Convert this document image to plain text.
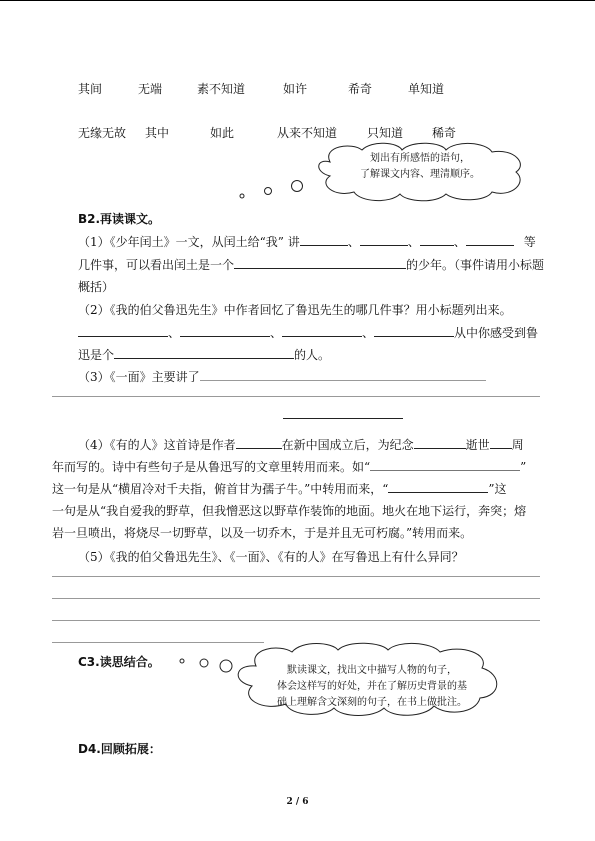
其间	无端	素不知道	如许	希奇	单知道
无缘无故 其中	如此	从来不知道 只知道 稀奇
划出有所感悟的语句，
了解课文内容、理清顺序。
B2.再读课文。
（1）《少年闰土》一文，从闰土给“我” 讲	、	、	、	等
几件事，可以看出闰土是一个	的少年。（事件请用小标题
概括）
（2）《我的伯父鲁迅先生》中作者回忆了鲁迅先生的哪几件事？用小标题列出来。
、	、	、	从中你感受到鲁
迅是个	的人。
（3）《一面》主要讲了
（4）《有的人》这首诗是作者	在新中国成立后，为纪念	逝世 周
年而写的。诗中有些句子是从鲁迅写的文章里转用而来。如“	”
这一句是从“横眉冷对千夫指，俯首甘为孺子牛。”中转用而来，“	”这
一句是从“我自爱我的野草，但我憎恶这以野草作装饰的地面。地火在地下运行，奔突；熔
岩一旦喷出，将烧尽一切野草，以及一切乔木，于是并且无可朽腐。”转用而来。
（5）《我的伯父鲁迅先生》、《一面》、《有的人》在写鲁迅上有什么异同？
C3.读思结合。
默读课文，找出文中描写人物的句子，
体会这样写的好处，并在了解历史背景的基
础上理解含文深刻的句子，在书上做批注。
D4.回顾拓展：
2 / 6
